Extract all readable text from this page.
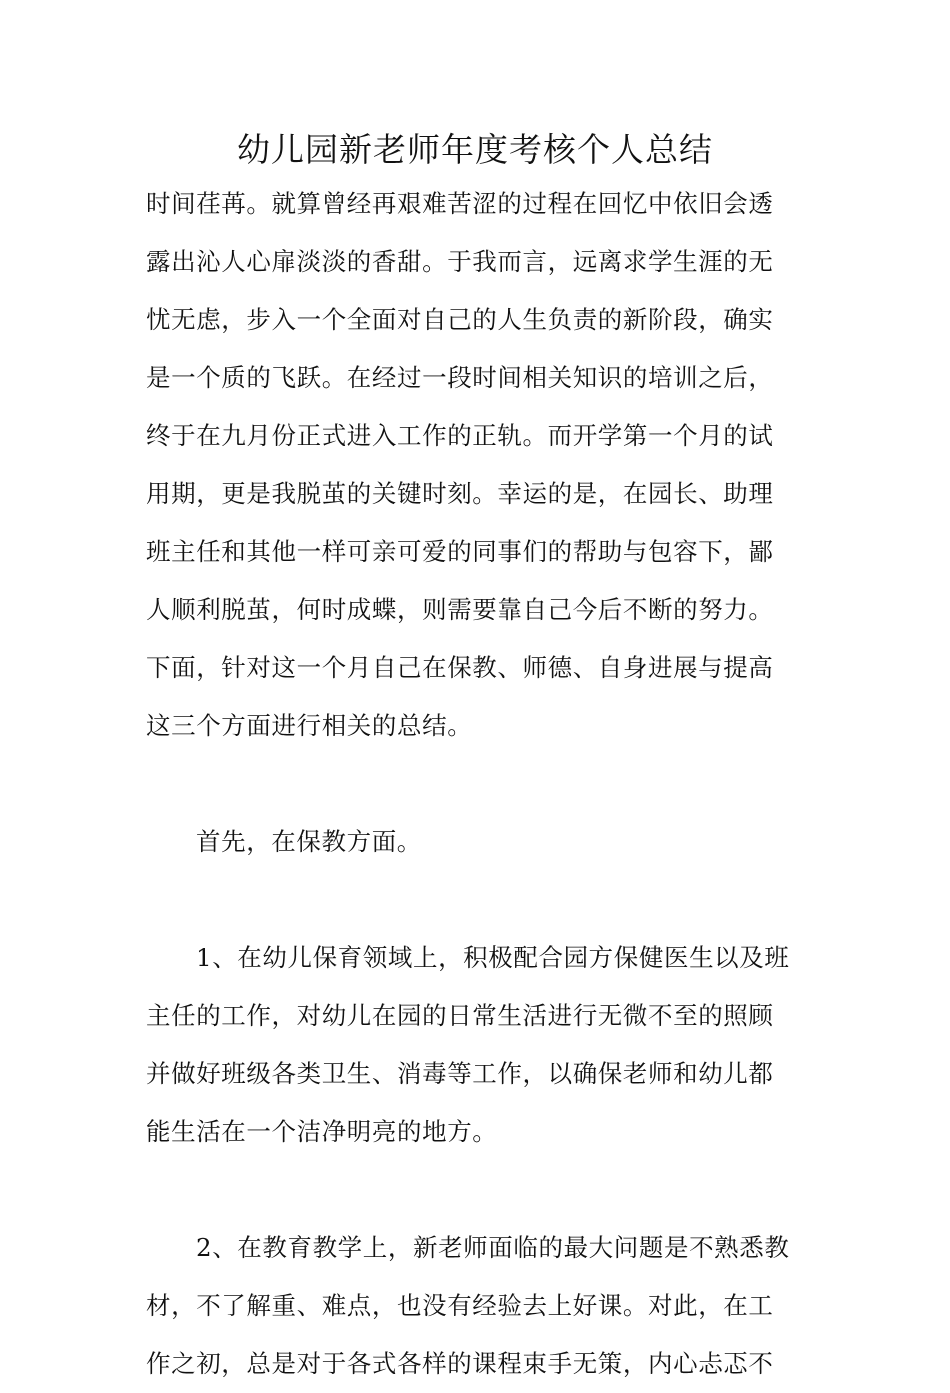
幼儿园新老师年度考核个人总结
时间荏苒。就算曾经再艰难苦涩的过程在回忆中依旧会透
露出沁人心扉淡淡的香甜。于我而言，远离求学生涯的无
忧无虑，步入一个全面对自己的人生负责的新阶段，确实
是一个质的飞跃。在经过一段时间相关知识的培训之后，
终于在九月份正式进入工作的正轨。而开学第一个月的试
用期，更是我脱茧的关键时刻。幸运的是，在园长、助理
班主任和其他一样可亲可爱的同事们的帮助与包容下，鄙
人顺利脱茧，何时成蝶，则需要靠自己今后不断的努力。
下面，针对这一个月自己在保教、师德、自身进展与提高
这三个方面进行相关的总结。
首先，在保教方面。
1、在幼儿保育领域上，积极配合园方保健医生以及班
主任的工作，对幼儿在园的日常生活进行无微不至的照顾
并做好班级各类卫生、消毒等工作，以确保老师和幼儿都
能生活在一个洁净明亮的地方。
2、在教育教学上，新老师面临的最大问题是不熟悉教
材，不了解重、难点，也没有经验去上好课。对此，在工
作之初，总是对于各式各样的课程束手无策，内心忐忑不
